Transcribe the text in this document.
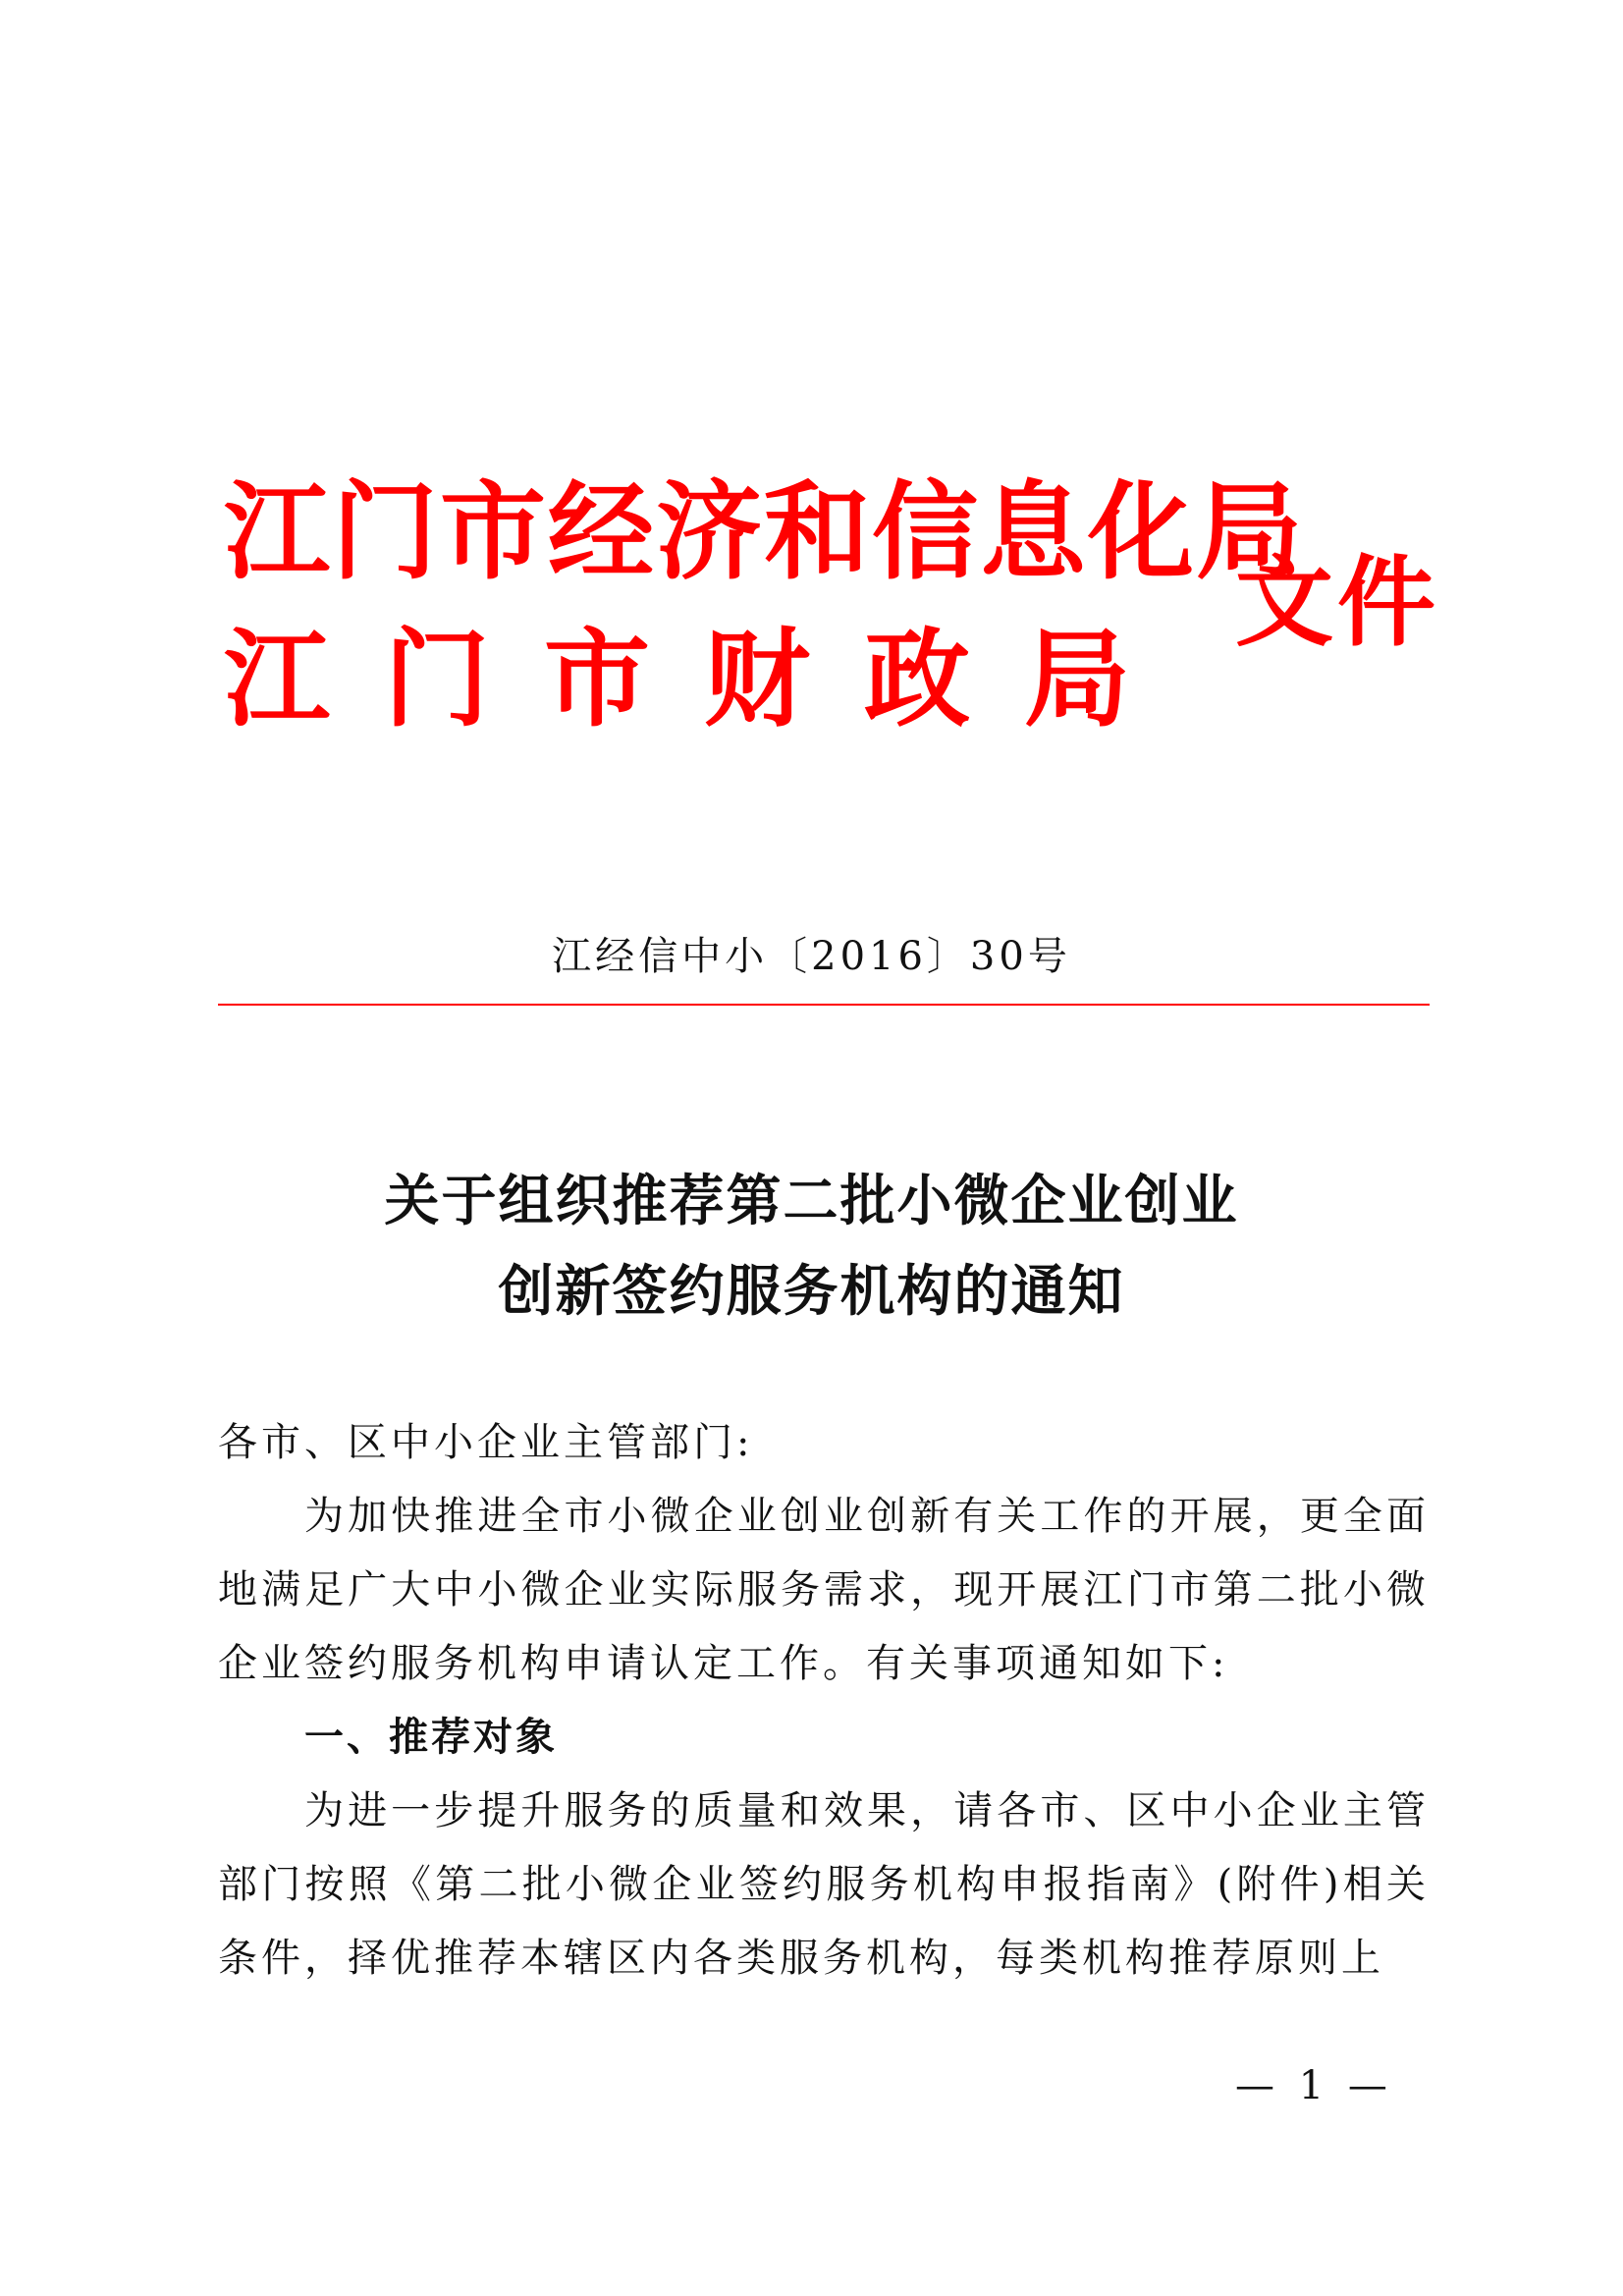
江门市经济和信息化局
江门市财政局
文件
江经信中小〔2016〕30号
关于组织推荐第二批小微企业创业
创新签约服务机构的通知

各市、区中小企业主管部门:

为加快推进全市小微企业创业创新有关工作的开展，更全面地满足广大中小微企业实际服务需求，现开展江门市第二批小微企业签约服务机构申请认定工作。有关事项通知如下:

一、推荐对象

为进一步提升服务的质量和效果，请各市、区中小企业主管部门按照《第二批小微企业签约服务机构申报指南》(附件)相关条件，择优推荐本辖区内各类服务机构，每类机构推荐原则上

— 1 —
